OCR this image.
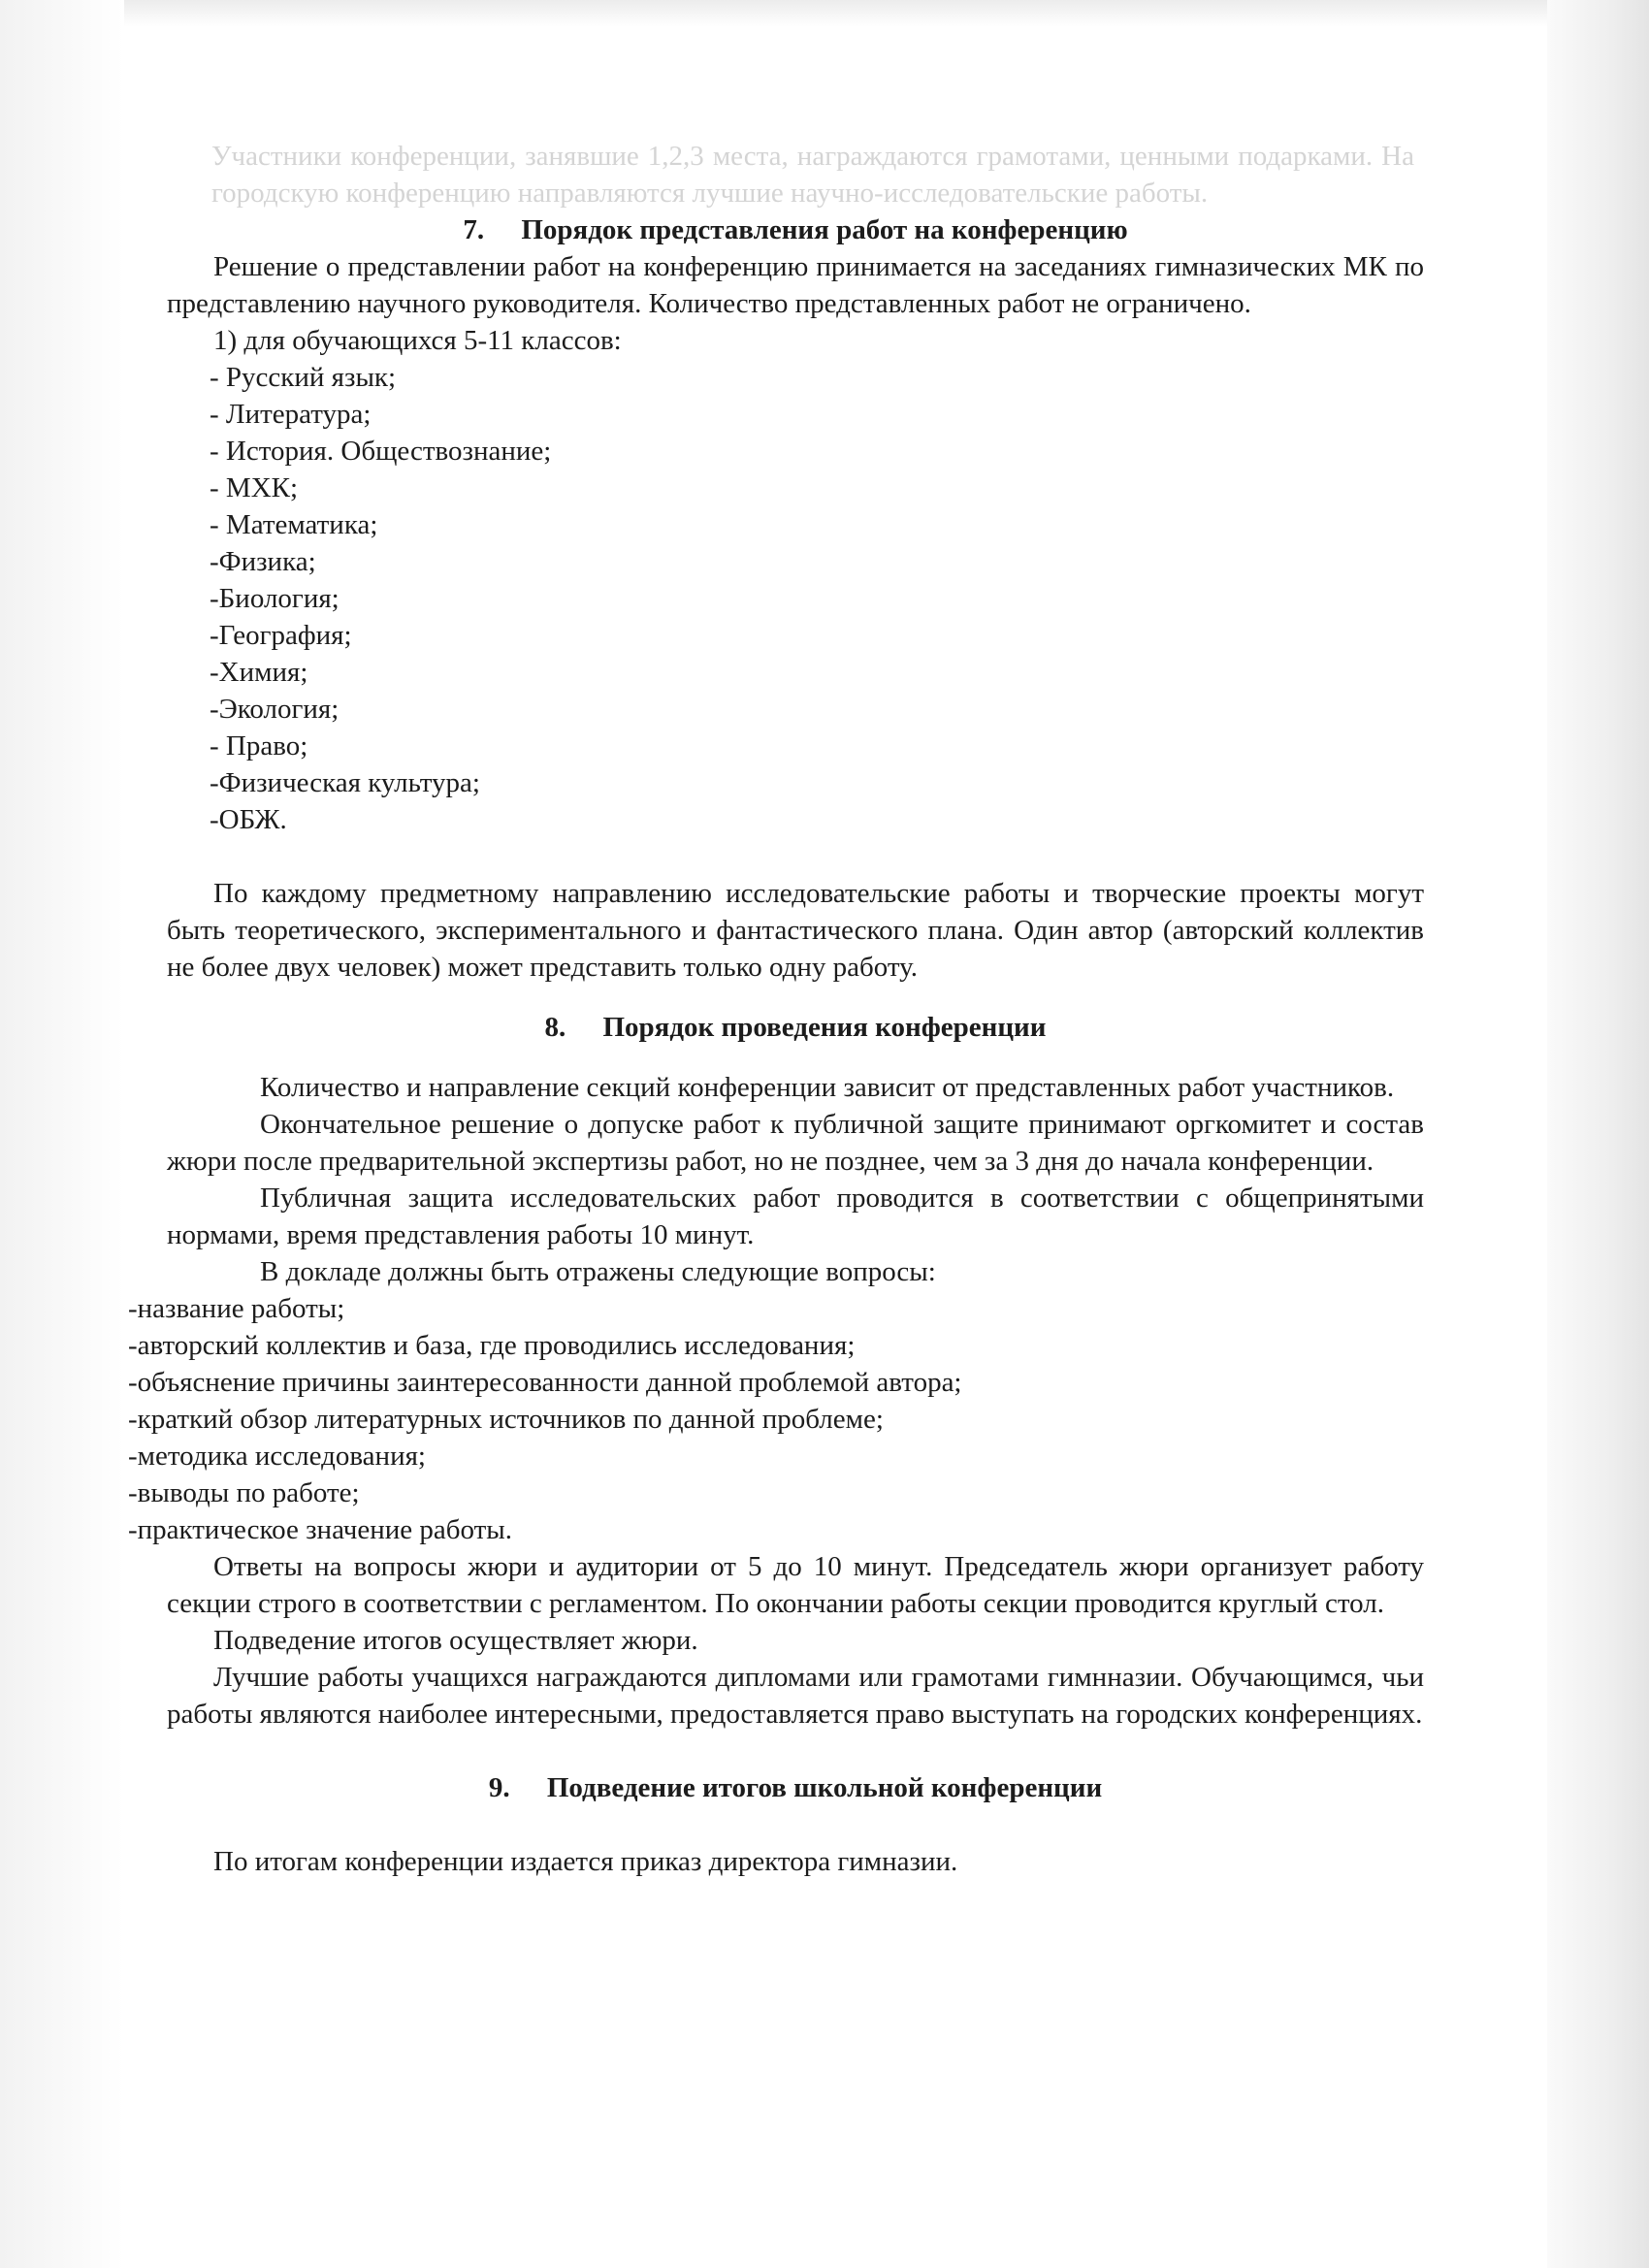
Участники конференции, занявшие 1,2,3 места, награждаются грамотами, ценными подарками. На городскую конференцию направляются лучшие научно-исследовательские работы.

7. Порядок представления работ на конференцию

Решение о представлении работ на конференцию принимается на заседаниях гимназических МК по представлению научного руководителя. Количество представленных работ не ограничено.

1) для обучающихся 5-11 классов:

- Русский язык;

- Литература;

- История. Обществознание;

- МХК;

- Математика;

-Физика;

-Биология;

-География;

-Химия;

-Экология;

- Право;

-Физическая культура;

-ОБЖ.

По каждому предметному направлению исследовательские работы и творческие проекты могут быть теоретического, экспериментального и фантастического плана. Один автор (авторский коллектив не более двух человек) может представить только одну работу.

8. Порядок проведения конференции

Количество и направление секций конференции зависит от представленных работ участников.

Окончательное решение о допуске работ к публичной защите принимают оргкомитет и состав жюри после предварительной экспертизы работ, но не позднее, чем за 3 дня до начала конференции.

Публичная защита исследовательских работ проводится в соответствии с общепринятыми нормами, время представления работы 10 минут.

В докладе должны быть отражены следующие вопросы:

-название работы;

-авторский коллектив и база, где проводились исследования;

-объяснение причины заинтересованности данной проблемой автора;

-краткий обзор литературных источников по данной проблеме;

-методика исследования;

-выводы по работе;

-практическое значение работы.

Ответы на вопросы жюри и аудитории от 5 до 10 минут. Председатель жюри организует работу секции строго в соответствии с регламентом. По окончании работы секции проводится круглый стол.

Подведение итогов осуществляет жюри.

Лучшие работы учащихся награждаются дипломами или грамотами гимнназии. Обучающимся, чьи работы являются наиболее интересными, предоставляется право выступать на городских конференциях.

9. Подведение итогов школьной конференции

По итогам конференции издается приказ директора гимназии.
